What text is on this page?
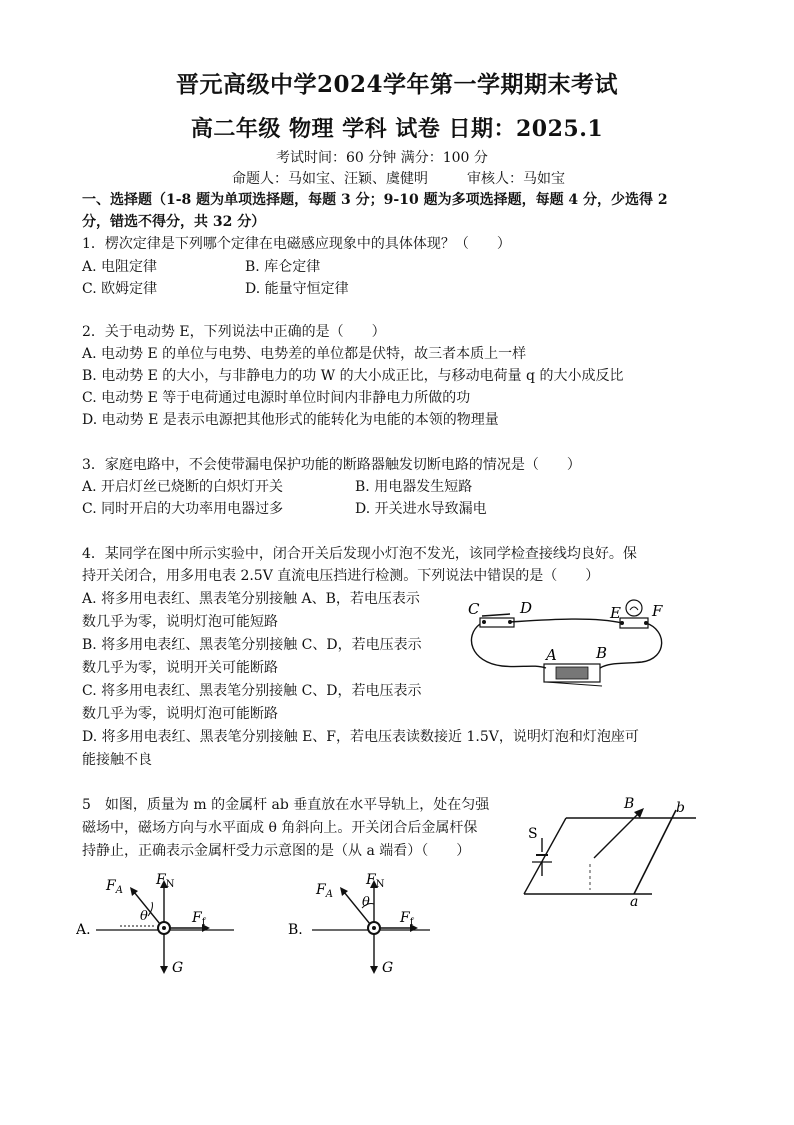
晋元高级中学2024学年第一学期期末考试
高二年级 物理 学科 试卷 日期：2025.1
考试时间：60 分钟 满分：100 分
命题人：马如宝、汪颖、虞健明	审核人：马如宝
一、选择题（1-8 题为单项选择题，每题 3 分；9-10 题为多项选择题，每题 4 分，少选得 2
分，错选不得分，共 32 分）
1．楞次定律是下列哪个定律在电磁感应现象中的具体体现？（　　）
A. 电阻定律	B. 库仑定律
C. 欧姆定律	D. 能量守恒定律
2．关于电动势 E，下列说法中正确的是（　　）
A. 电动势 E 的单位与电势、电势差的单位都是伏特，故三者本质上一样
B. 电动势 E 的大小，与非静电力的功 W 的大小成正比，与移动电荷量 q 的大小成反比
C. 电动势 E 等于电荷通过电源时单位时间内非静电力所做的功
D. 电动势 E 是表示电源把其他形式的能转化为电能的本领的物理量
3．家庭电路中，不会使带漏电保护功能的断路器触发切断电路的情况是（　　）
A. 开启灯丝已烧断的白炽灯开关	B. 用电器发生短路
C. 同时开启的大功率用电器过多	D. 开关进水导致漏电
4．某同学在图中所示实验中，闭合开关后发现小灯泡不发光，该同学检查接线均良好。保
持开关闭合，用多用电表 2.5V 直流电压挡进行检测。下列说法中错误的是（　　）
A. 将多用电表红、黑表笔分别接触 A、B，若电压表示
数几乎为零，说明灯泡可能短路
B. 将多用电表红、黑表笔分别接触 C、D，若电压表示
数几乎为零，说明开关可能断路
C. 将多用电表红、黑表笔分别接触 C、D，若电压表示
数几乎为零，说明灯泡可能断路
D. 将多用电表红、黑表笔分别接触 E、F，若电压表读数接近 1.5V，说明灯泡和灯泡座可
能接触不良
C	D	E F
A	B
5　如图，质量为 m 的金属杆 ab 垂直放在水平导轨上，处在匀强
磁场中，磁场方向与水平面成 θ 角斜向上。开关闭合后金属杆保
持静止，正确表示金属杆受力示意图的是（从 a 端看）（　　）
S
B	b
a
A.
$F_A$
$F_N$
$F_f$
θ
G
B.
$F_A$
$F_N$
$F_f$
θ
G
